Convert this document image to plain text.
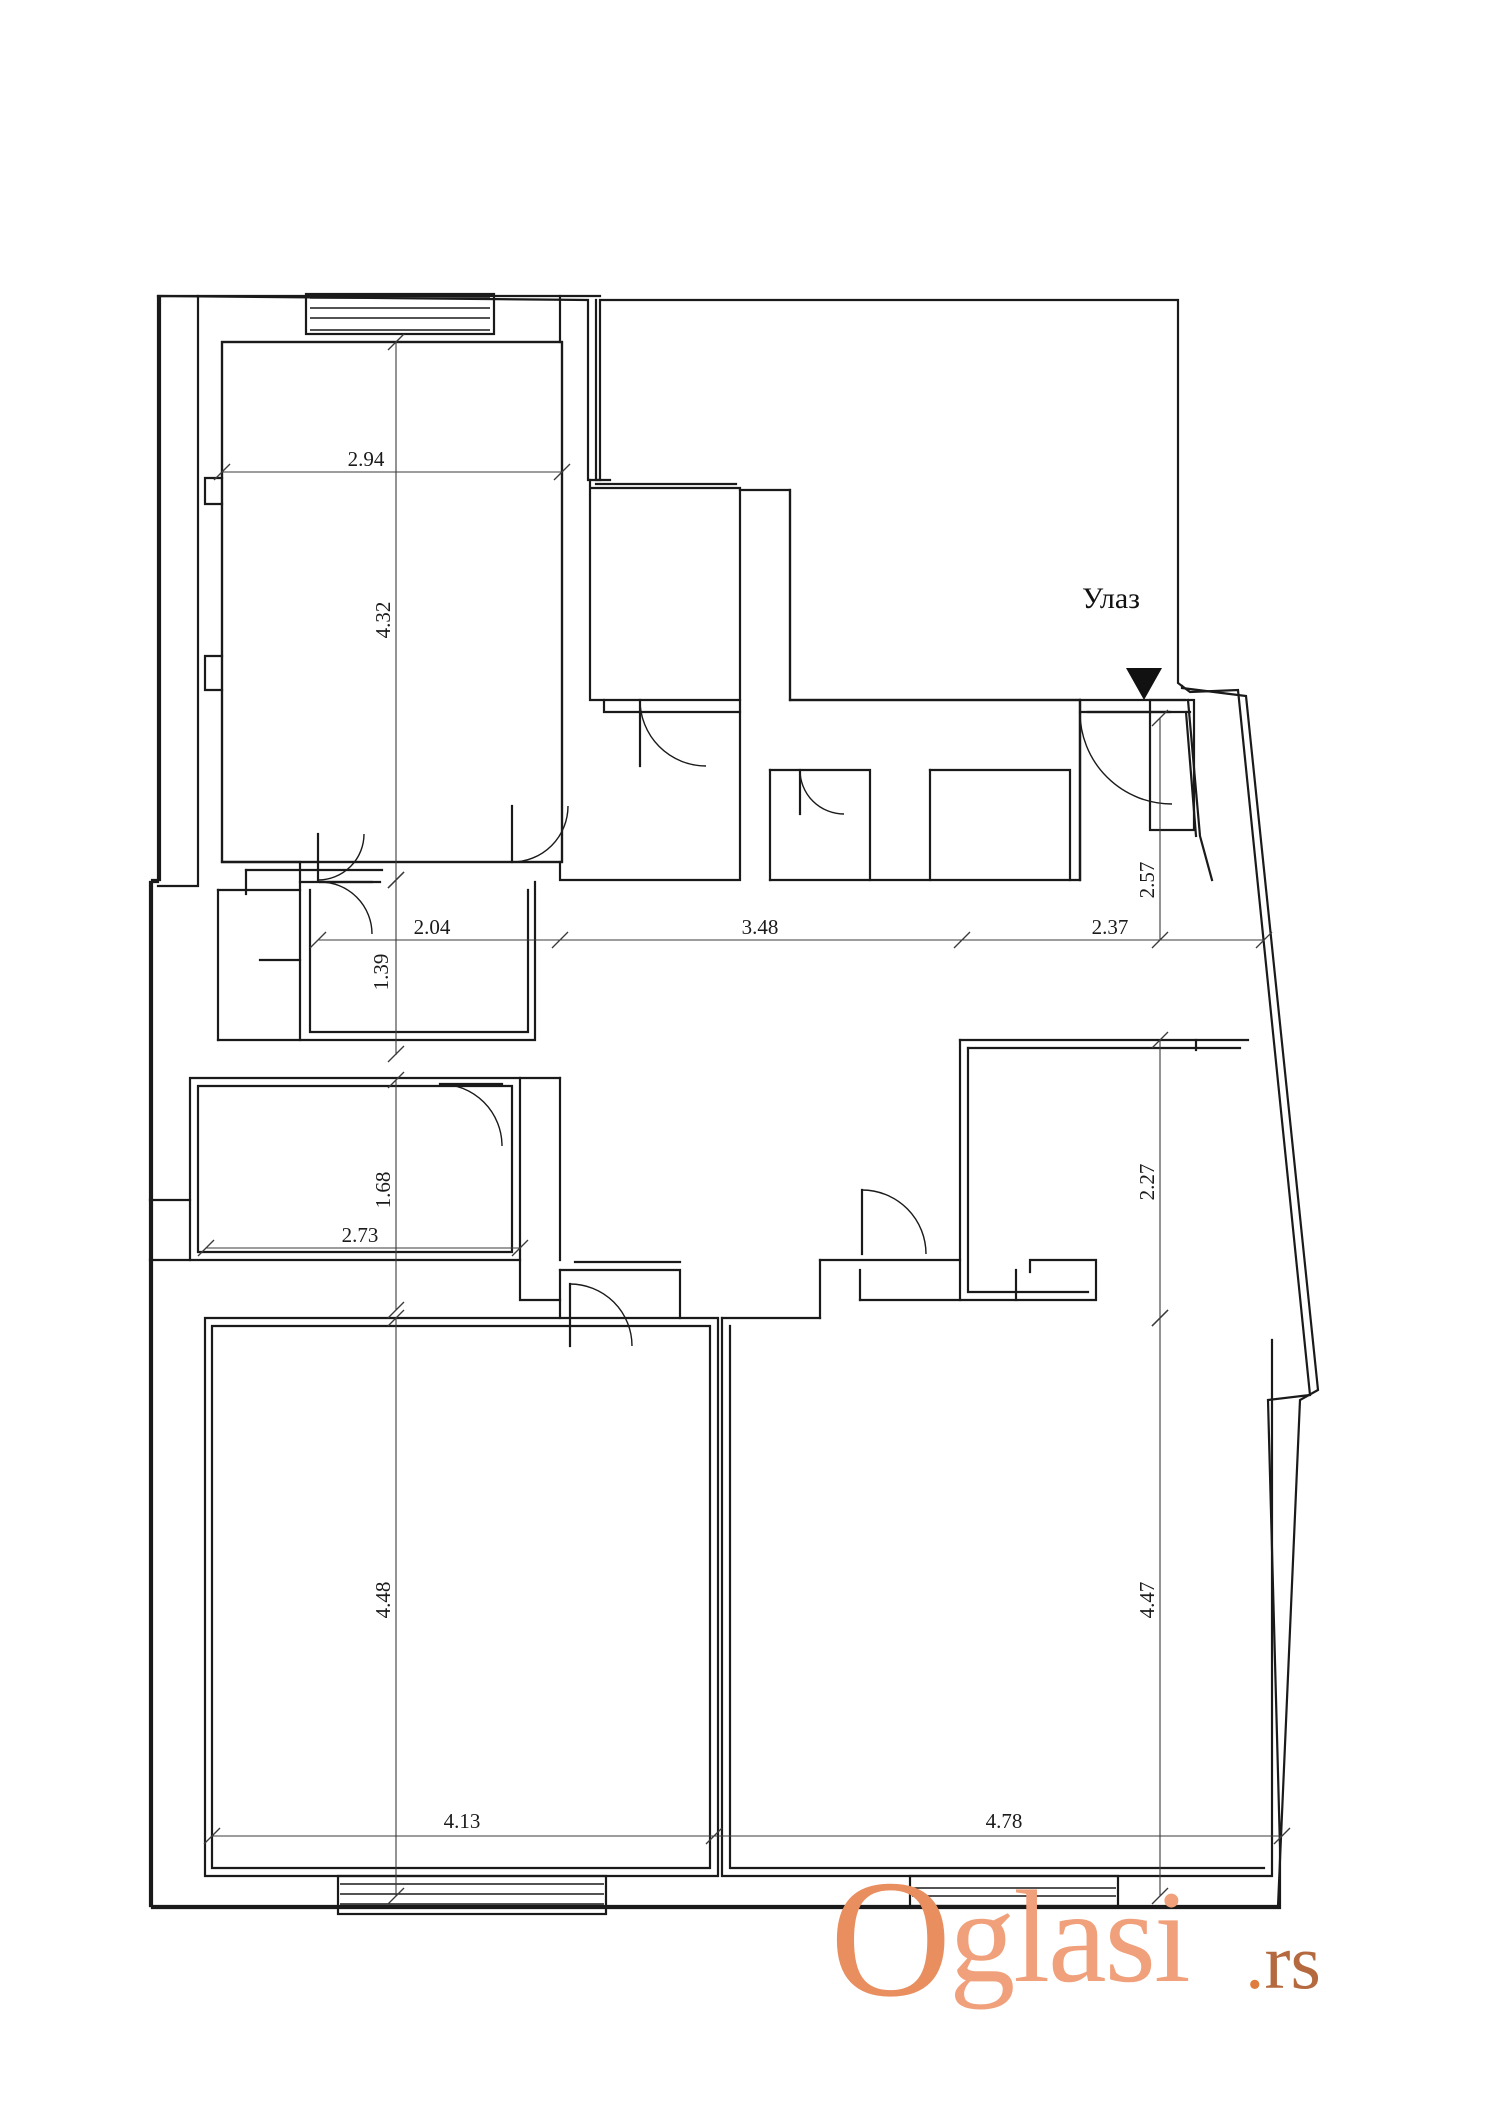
Улаз
2.94
4.32
2.04	3.48	2.37
1.39
2.57
1.68
2.73
2.27
4.48	4.47
4.13	4.78
Oglasi .rs
